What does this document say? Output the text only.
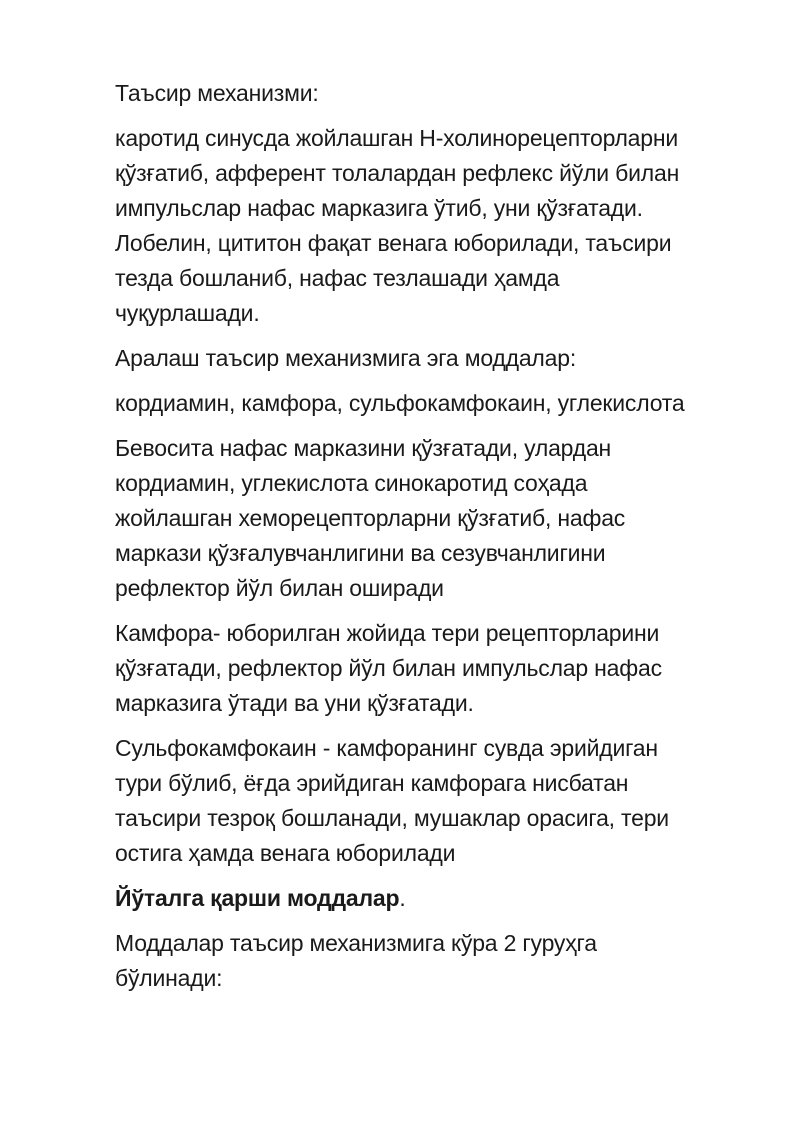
Таъсир механизми:

каротид синусда жойлашган Н-холинорецепторларни
қўзғатиб, афферент толалардан рефлекс йўли билан
импульслар нафас марказига ўтиб, уни қўзғатади.
Лобелин, цититон фақат венага юборилади, таъсири
тезда бошланиб, нафас тезлашади ҳамда
чуқурлашади.

Аралаш таъсир механизмига эга моддалар:

кордиамин, камфора, сульфокамфокаин, углекислота

Бевосита нафас марказини қўзғатади, улардан
кордиамин, углекислота синокаротид соҳада
жойлашган хеморецепторларни қўзғатиб, нафас
маркази қўзғалувчанлигини ва сезувчанлигини
рефлектор йўл билан оширади

Камфора- юборилган жойида тери рецепторларини
қўзғатади, рефлектор йўл билан импульслар нафас
марказига ўтади ва уни қўзғатади.

Сульфокамфокаин - камфоранинг сувда эрийдиган
тури бўлиб, ёғда эрийдиган камфорага нисбатан
таъсири тезроқ бошланади, мушаклар орасига, тери
остига ҳамда венага юборилади

Йўталга қарши моддалар.

Моддалар таъсир механизмига кўра 2 гуруҳга
бўлинади:
